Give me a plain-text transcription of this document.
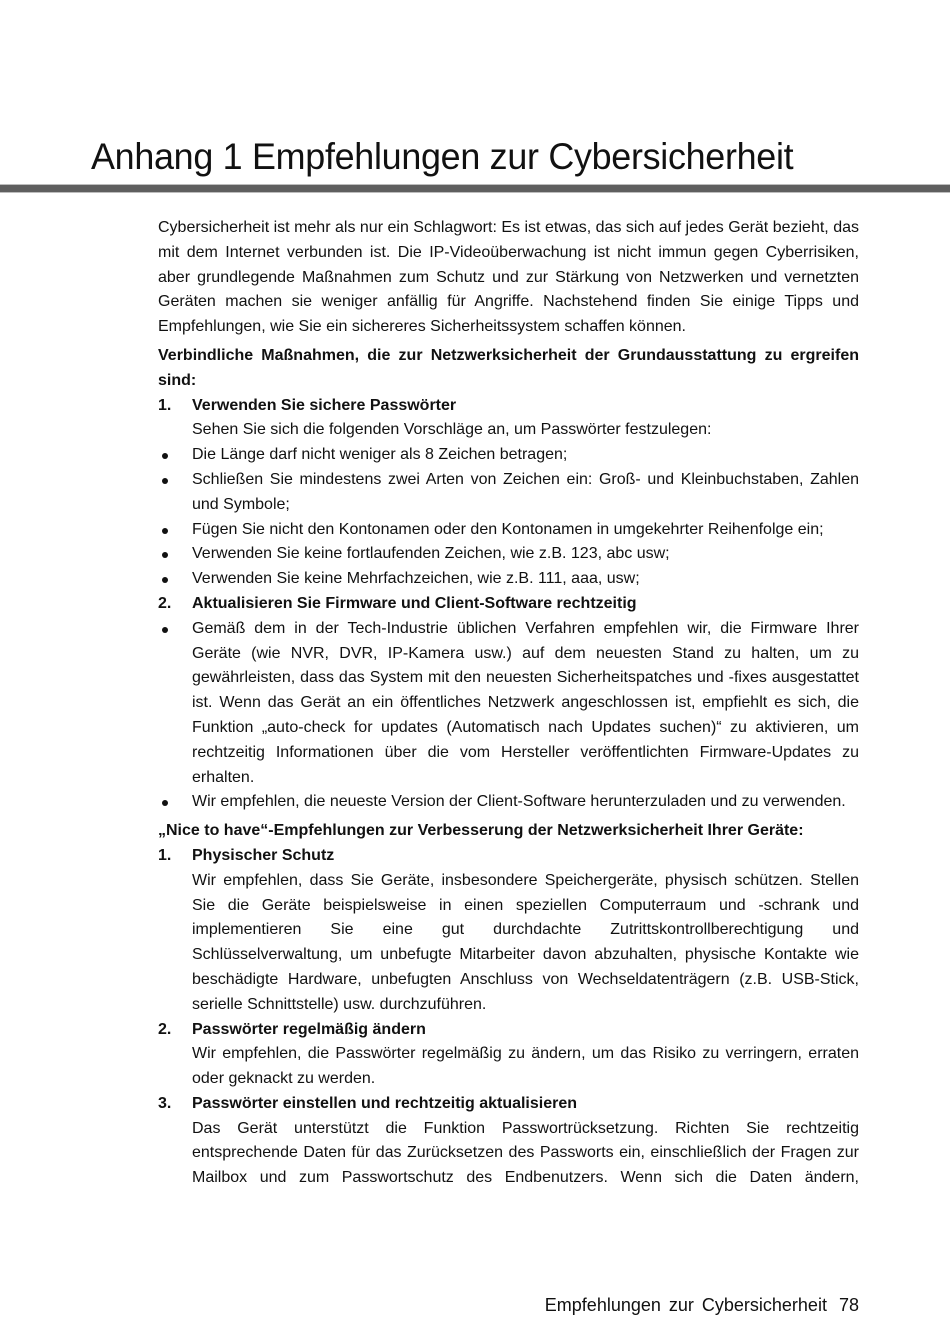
Anhang 1 Empfehlungen zur Cybersicherheit

Cybersicherheit ist mehr als nur ein Schlagwort: Es ist etwas, das sich auf jedes Gerät bezieht, das mit dem Internet verbunden ist. Die IP-Videoüberwachung ist nicht immun gegen Cyberrisiken, aber grundlegende Maßnahmen zum Schutz und zur Stärkung von Netzwerken und vernetzten Geräten machen sie weniger anfällig für Angriffe. Nachstehend finden Sie einige Tipps und Empfehlungen, wie Sie ein sichereres Sicherheitssystem schaffen können.

Verbindliche Maßnahmen, die zur Netzwerksicherheit der Grundausstattung zu ergreifen sind:

1. Verwenden Sie sichere Passwörter
Sehen Sie sich die folgenden Vorschläge an, um Passwörter festzulegen:
Die Länge darf nicht weniger als 8 Zeichen betragen;
Schließen Sie mindestens zwei Arten von Zeichen ein: Groß- und Kleinbuchstaben, Zahlen und Symbole;
Fügen Sie nicht den Kontonamen oder den Kontonamen in umgekehrter Reihenfolge ein;
Verwenden Sie keine fortlaufenden Zeichen, wie z.B. 123, abc usw;
Verwenden Sie keine Mehrfachzeichen, wie z.B. 111, aaa, usw;
2. Aktualisieren Sie Firmware und Client-Software rechtzeitig
Gemäß dem in der Tech-Industrie üblichen Verfahren empfehlen wir, die Firmware Ihrer Geräte (wie NVR, DVR, IP-Kamera usw.) auf dem neuesten Stand zu halten, um zu gewährleisten, dass das System mit den neuesten Sicherheitspatches und -fixes ausgestattet ist. Wenn das Gerät an ein öffentliches Netzwerk angeschlossen ist, empfiehlt es sich, die Funktion „auto-check for updates (Automatisch nach Updates suchen)“ zu aktivieren, um rechtzeitig Informationen über die vom Hersteller veröffentlichten Firmware-Updates zu erhalten.
Wir empfehlen, die neueste Version der Client-Software herunterzuladen und zu verwenden.

„Nice to have“-Empfehlungen zur Verbesserung der Netzwerksicherheit Ihrer Geräte:

1. Physischer Schutz
Wir empfehlen, dass Sie Geräte, insbesondere Speichergeräte, physisch schützen. Stellen Sie die Geräte beispielsweise in einen speziellen Computerraum und -schrank und implementieren Sie eine gut durchdachte Zutrittskontrollberechtigung und Schlüsselverwaltung, um unbefugte Mitarbeiter davon abzuhalten, physische Kontakte wie beschädigte Hardware, unbefugten Anschluss von Wechseldatenträgern (z.B. USB-Stick, serielle Schnittstelle) usw. durchzuführen.
2. Passwörter regelmäßig ändern
Wir empfehlen, die Passwörter regelmäßig zu ändern, um das Risiko zu verringern, erraten oder geknackt zu werden.
3. Passwörter einstellen und rechtzeitig aktualisieren
Das Gerät unterstützt die Funktion Passwortrücksetzung. Richten Sie rechtzeitig entsprechende Daten für das Zurücksetzen des Passworts ein, einschließlich der Fragen zur Mailbox und zum Passwortschutz des Endbenutzers. Wenn sich die Daten ändern,
Empfehlungen zur Cybersicherheit 78
